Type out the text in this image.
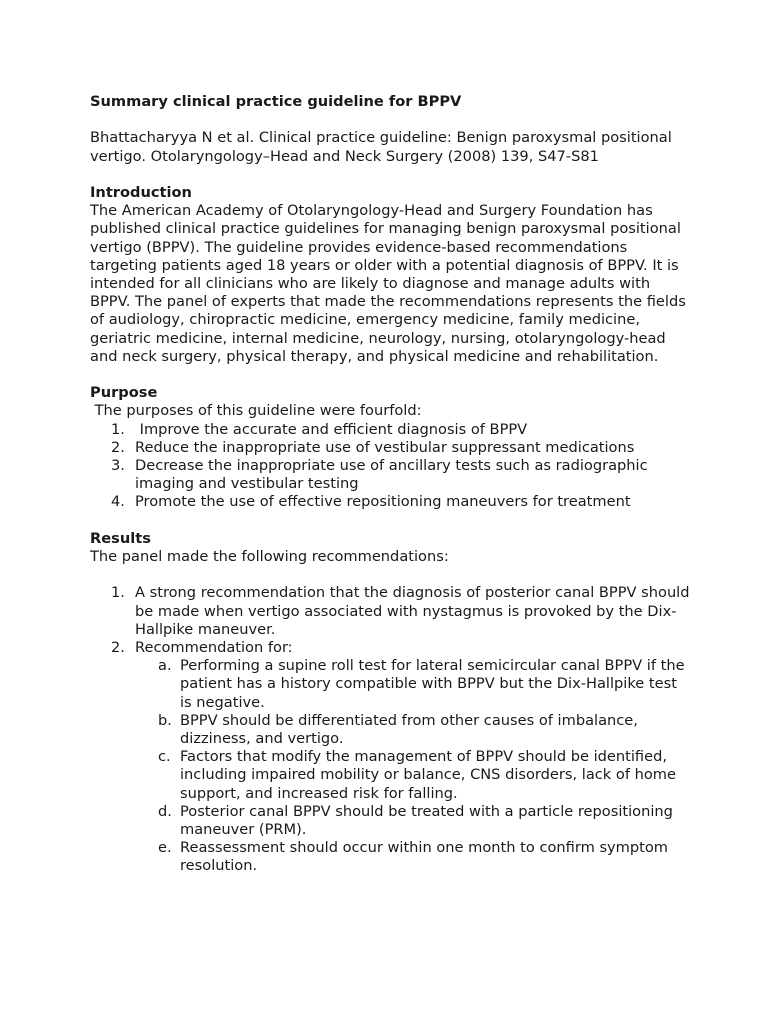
Summary clinical practice guideline for BPPV

Bhattacharyya N et al. Clinical practice guideline: Benign paroxysmal positional vertigo. Otolaryngology–Head and Neck Surgery (2008) 139, S47-S81

Introduction

The American Academy of Otolaryngology-Head and Surgery Foundation has published clinical practice guidelines for managing benign paroxysmal positional vertigo (BPPV). The guideline provides evidence-based recommendations targeting patients aged 18 years or older with a potential diagnosis of BPPV. It is intended for all clinicians who are likely to diagnose and manage adults with BPPV. The panel of experts that made the recommendations represents the fields of audiology, chiropractic medicine, emergency medicine, family medicine, geriatric medicine, internal medicine, neurology, nursing, otolaryngology-head and neck surgery, physical therapy, and physical medicine and rehabilitation.

Purpose

The purposes of this guideline were fourfold:

1. Improve the accurate and efficient diagnosis of BPPV
2. Reduce the inappropriate use of vestibular suppressant medications
3. Decrease the inappropriate use of ancillary tests such as radiographic imaging and vestibular testing
4. Promote the use of effective repositioning maneuvers for treatment

Results

The panel made the following recommendations:

1. A strong recommendation that the diagnosis of posterior canal BPPV should be made when vertigo associated with nystagmus is provoked by the Dix-Hallpike maneuver.
2. Recommendation for:
a. Performing a supine roll test for lateral semicircular canal BPPV if the patient has a history compatible with BPPV but the Dix-Hallpike test is negative.
b. BPPV should be differentiated from other causes of imbalance, dizziness, and vertigo.
c. Factors that modify the management of BPPV should be identified, including impaired mobility or balance, CNS disorders, lack of home support, and increased risk for falling.
d. Posterior canal BPPV should be treated with a particle repositioning maneuver (PRM).
e. Reassessment should occur within one month to confirm symptom resolution.
